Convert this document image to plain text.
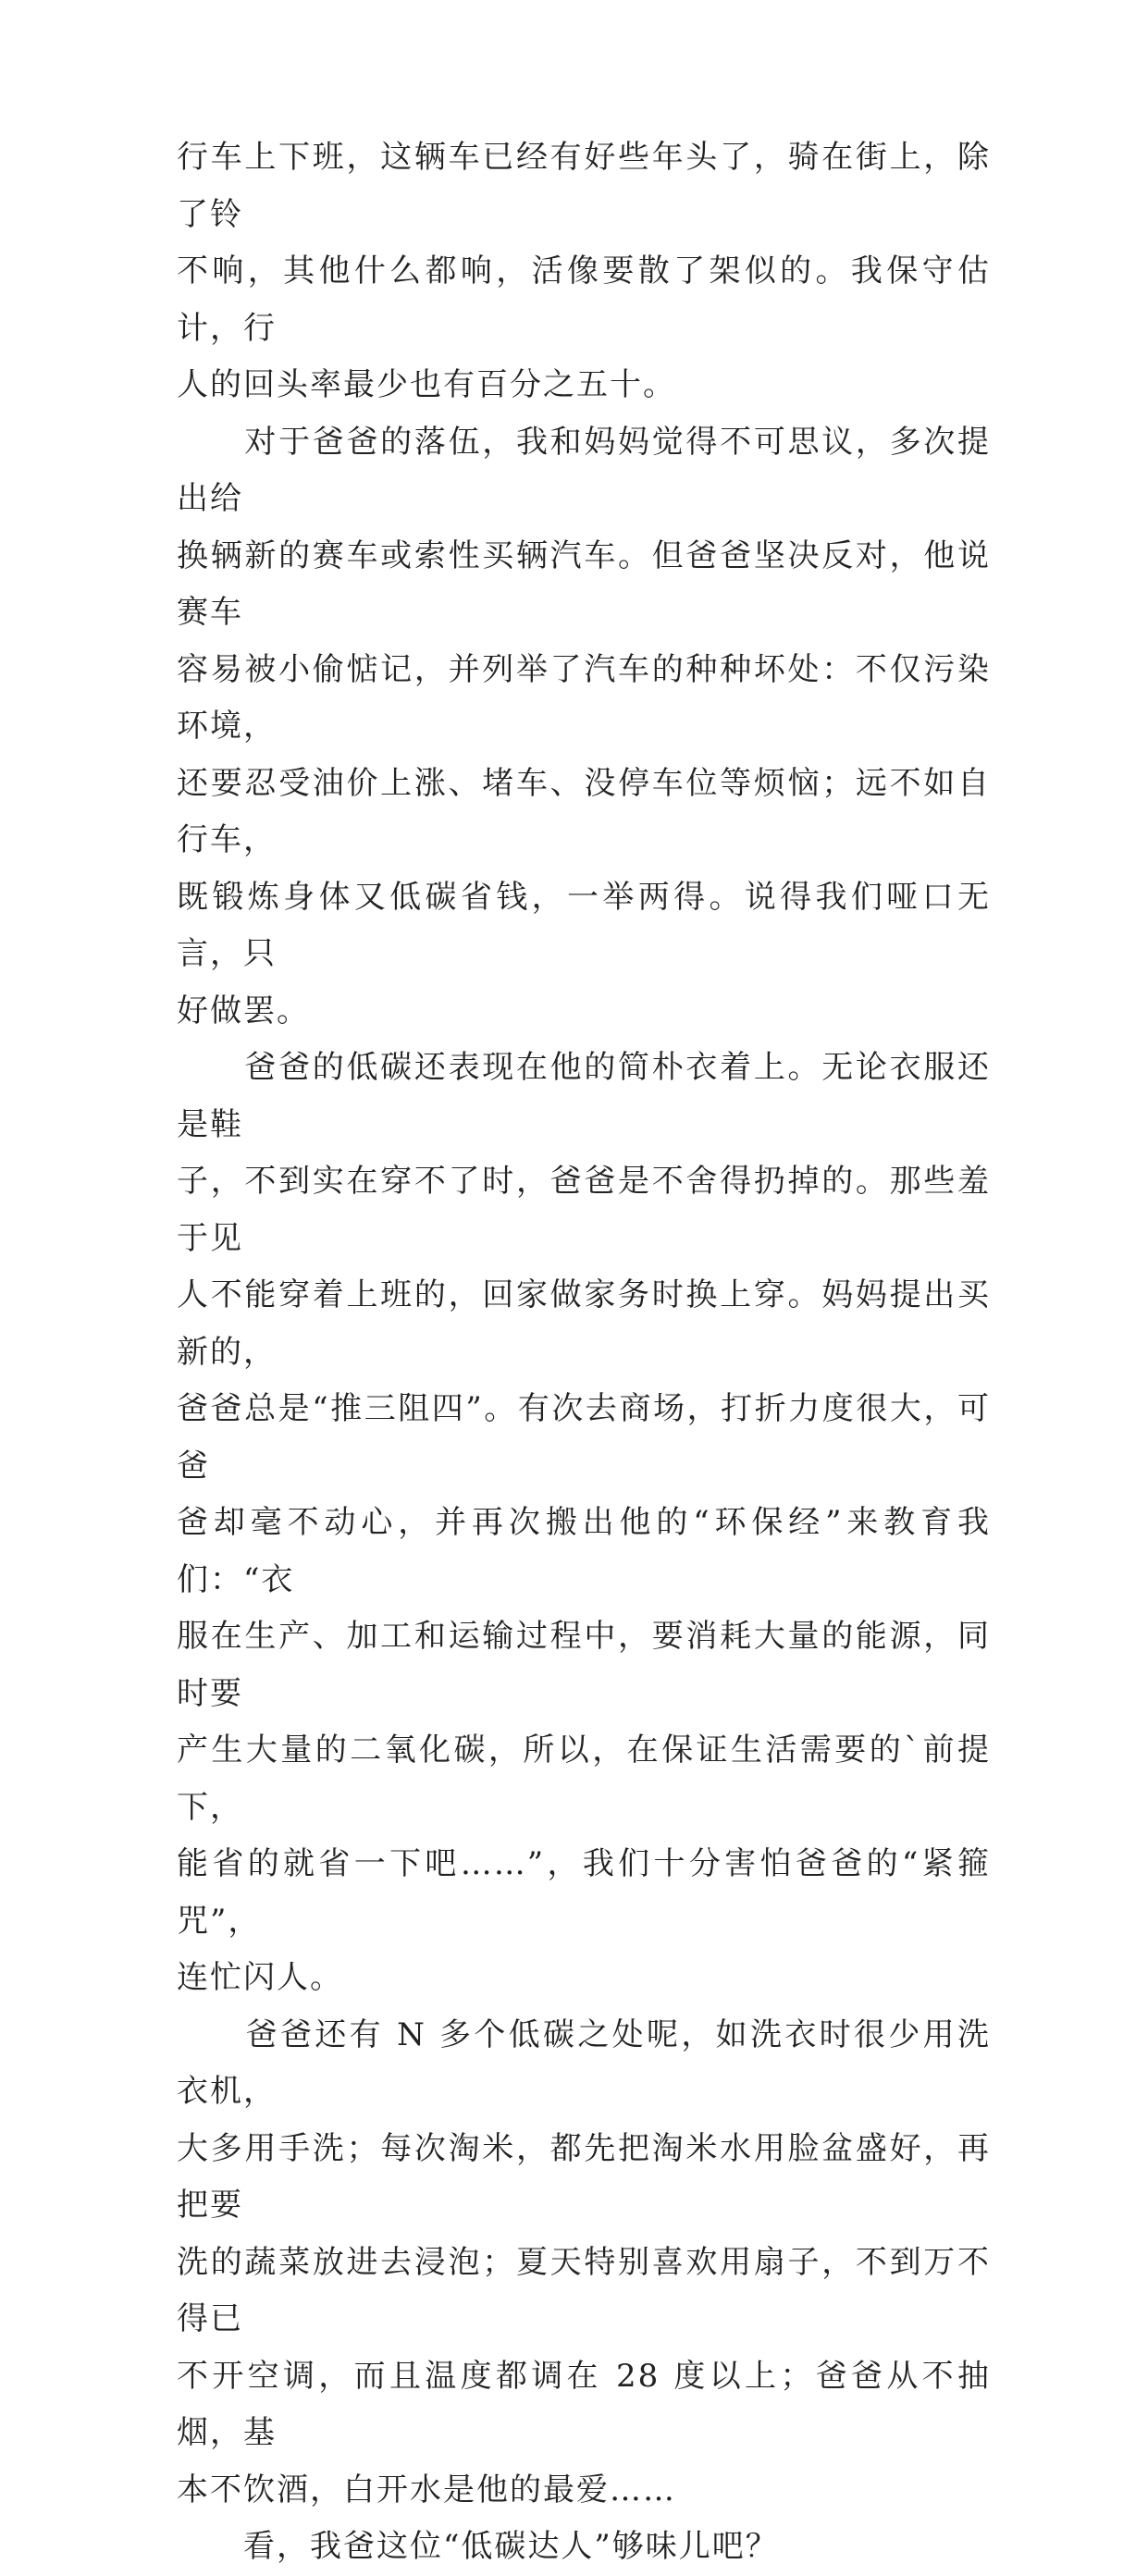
行车上下班，这辆车已经有好些年头了，骑在街上，除了铃
不响，其他什么都响，活像要散了架似的。我保守估计，行
人的回头率最少也有百分之五十。

　　对于爸爸的落伍，我和妈妈觉得不可思议，多次提出给
换辆新的赛车或索性买辆汽车。但爸爸坚决反对，他说赛车
容易被小偷惦记，并列举了汽车的种种坏处：不仅污染环境，
还要忍受油价上涨、堵车、没停车位等烦恼；远不如自行车，
既锻炼身体又低碳省钱，一举两得。说得我们哑口无言，只
好做罢。

　　爸爸的低碳还表现在他的简朴衣着上。无论衣服还是鞋
子，不到实在穿不了时，爸爸是不舍得扔掉的。那些羞于见
人不能穿着上班的，回家做家务时换上穿。妈妈提出买新的，
爸爸总是“推三阻四”。有次去商场，打折力度很大，可爸
爸却毫不动心，并再次搬出他的“环保经”来教育我们：“衣
服在生产、加工和运输过程中，要消耗大量的能源，同时要
产生大量的二氧化碳，所以，在保证生活需要的`前提下，
能省的就省一下吧……”，我们十分害怕爸爸的“紧箍咒”，
连忙闪人。

　　爸爸还有 N 多个低碳之处呢，如洗衣时很少用洗衣机，
大多用手洗；每次淘米，都先把淘米水用脸盆盛好，再把要
洗的蔬菜放进去浸泡；夏天特别喜欢用扇子，不到万不得已
不开空调，而且温度都调在 28 度以上；爸爸从不抽烟，基
本不饮酒，白开水是他的最爱……

　　看，我爸这位“低碳达人”够味儿吧？
